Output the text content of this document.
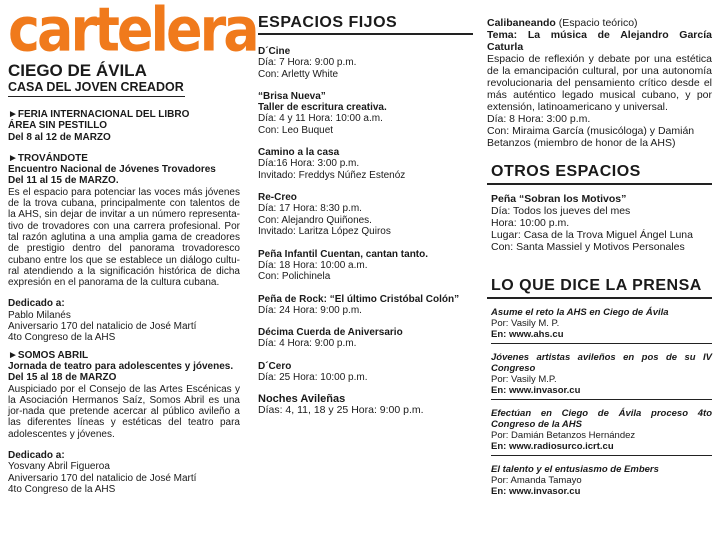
cartelera
CIEGO DE ÁVILA
CASA DEL JOVEN CREADOR
►FERIA INTERNACIONAL DEL LIBRO
ÁREA SIN PESTILLO
Del 8 al 12 de MARZO
►TROVÁNDOTE
Encuentro Nacional de Jóvenes Trovadores
Del 11 al 15 de MARZO.
Es el espacio para potenciar las voces más jóvenes de la trova cubana, principalmente con talentos de la AHS, sin dejar de invitar a un número representa-tivo de trovadores con una carrera profesional. Por tal razón aglutina a una amplia gama de creadores de prestigio dentro del panorama trovadoresco cubano entre los que se establece un diálogo cultu-ral atendiendo a la significación histórica de dicha expresión en el panorama de la cultura cubana.
Dedicado a:
Pablo Milanés
Aniversario 170 del natalicio de José Martí
4to Congreso de la AHS
►SOMOS ABRIL
Jornada de teatro para adolescentes y jóvenes.
Del 15 al 18 de MARZO
Auspiciado por el Consejo de las Artes Escénicas y la Asociación Hermanos Saíz, Somos Abril es una jor-nada que pretende acercar al público avileño a las diferentes líneas y estéticas del teatro para adolescentes y jóvenes.
Dedicado a:
Yosvany Abril Figueroa
Aniversario 170 del natalicio de José Martí
4to Congreso de la AHS
ESPACIOS FIJOS
D´Cine
Día: 7 Hora: 9:00 p.m.
Con: Arletty White
“Brisa Nueva”
Taller de escritura creativa.
Día: 4 y 11 Hora: 10:00 a.m.
Con: Leo Buquet
Camino a la casa
Día:16 Hora: 3:00 p.m.
Invitado: Freddys Núñez Estenóz
Re-Creo
Día: 17 Hora: 8:30 p.m.
Con: Alejandro Quiñones.
Invitado: Laritza López Quiros
Peña Infantil Cuentan, cantan tanto.
Día: 18 Hora: 10:00 a.m.
Con: Polichinela
Peña de Rock: “El último Cristóbal Colón”
Día: 24 Hora: 9:00 p.m.
Décima Cuerda de Aniversario
Día: 4 Hora: 9:00 p.m.
D´Cero
Día: 25 Hora: 10:00 p.m.
Noches Avileñas
Días: 4, 11, 18 y 25 Hora: 9:00 p.m.
Calibaneando (Espacio teórico)
Tema: La música de Alejandro García Caturla
Espacio de reflexión y debate por una estética de la emancipación cultural, por una autonomía revolucionaria del pensamiento crítico desde el más auténtico legado musical cubano, y por extensión, latinoamericano y universal.
Día: 8 Hora: 3:00 p.m.
Con: Miraima García (musicóloga) y Damián Betanzos (miembro de honor de la AHS)
OTROS ESPACIOS
Peña “Sobran los Motivos”
Día: Todos los jueves del mes
Hora: 10:00 p.m.
Lugar: Casa de la Trova Miguel Ángel Luna
Con: Santa Massiel y Motivos Personales
LO QUE DICE LA PRENSA
Asume el reto la AHS en Ciego de Ávila
Por: Vasily M. P.
En: www.ahs.cu
Jóvenes artistas avileños en pos de su IV Congreso
Por: Vasily M.P.
En: www.invasor.cu
Efectúan en Ciego de Ávila proceso 4to Congreso de la AHS
Por: Damián Betanzos Hernández
En: www.radiosurco.icrt.cu
El talento y el entusiasmo de Embers
Por: Amanda Tamayo
En: www.invasor.cu
